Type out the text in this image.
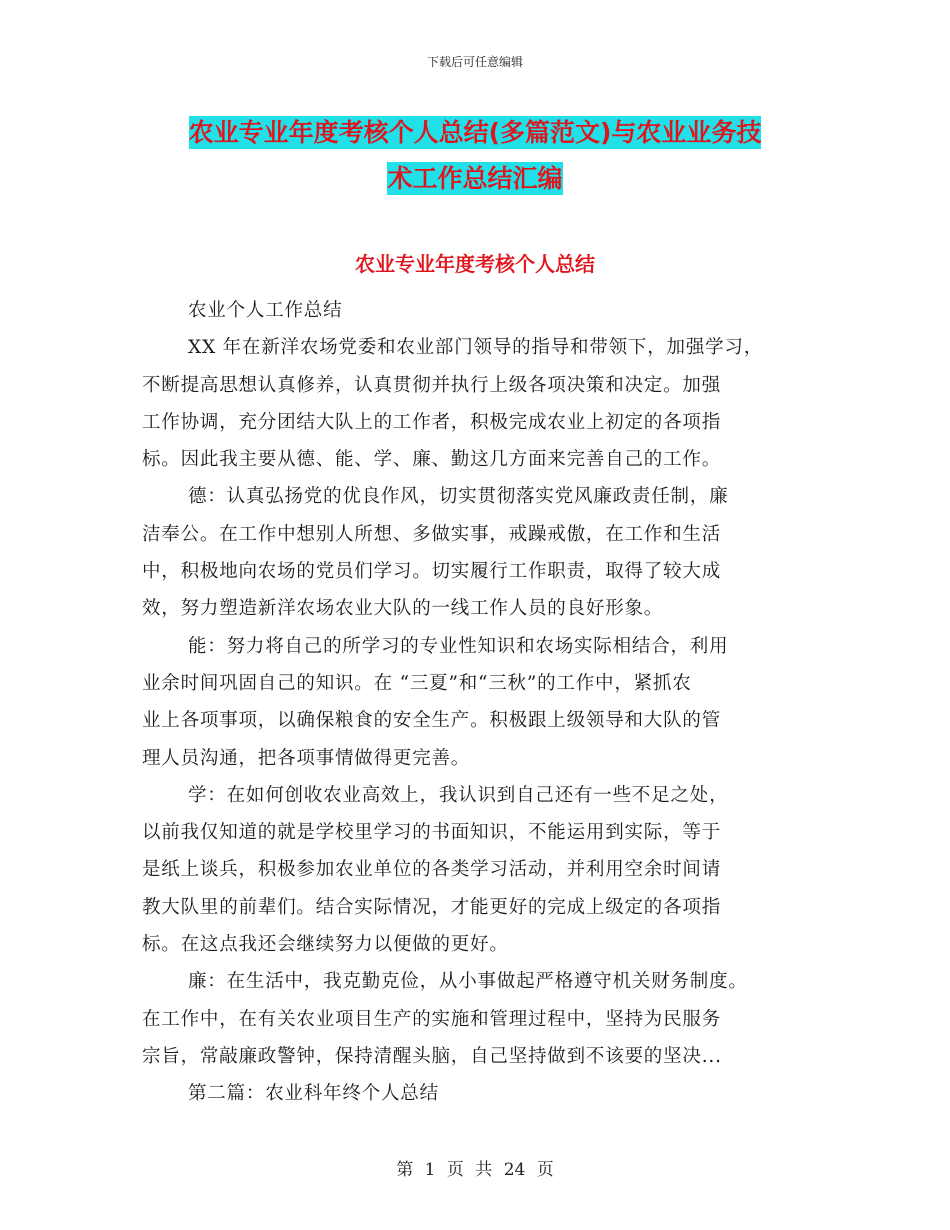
下载后可任意编辑
农业专业年度考核个人总结(多篇范文)与农业业务技
术工作总结汇编
农业专业年度考核个人总结
农业个人工作总结
XX 年在新洋农场党委和农业部门领导的指导和带领下，加强学习，
不断提高思想认真修养，认真贯彻并执行上级各项决策和决定。加强
工作协调，充分团结大队上的工作者，积极完成农业上初定的各项指
标。因此我主要从德、能、学、廉、勤这几方面来完善自己的工作。
德：认真弘扬党的优良作风，切实贯彻落实党风廉政责任制，廉
洁奉公。在工作中想别人所想、多做实事，戒躁戒傲，在工作和生活
中，积极地向农场的党员们学习。切实履行工作职责，取得了较大成
效，努力塑造新洋农场农业大队的一线工作人员的良好形象。
能：努力将自己的所学习的专业性知识和农场实际相结合，利用
业余时间巩固自己的知识。在 “三夏”和“三秋”的工作中，紧抓农
业上各项事项，以确保粮食的安全生产。积极跟上级领导和大队的管
理人员沟通，把各项事情做得更完善。
学：在如何创收农业高效上，我认识到自己还有一些不足之处，
以前我仅知道的就是学校里学习的书面知识，不能运用到实际，等于
是纸上谈兵，积极参加农业单位的各类学习活动，并利用空余时间请
教大队里的前辈们。结合实际情况，才能更好的完成上级定的各项指
标。在这点我还会继续努力以便做的更好。
廉：在生活中，我克勤克俭，从小事做起严格遵守机关财务制度。
在工作中，在有关农业项目生产的实施和管理过程中，坚持为民服务
宗旨，常敲廉政警钟，保持清醒头脑，自己坚持做到不该要的坚决...
第二篇：农业科年终个人总结
第 1 页 共 24 页
